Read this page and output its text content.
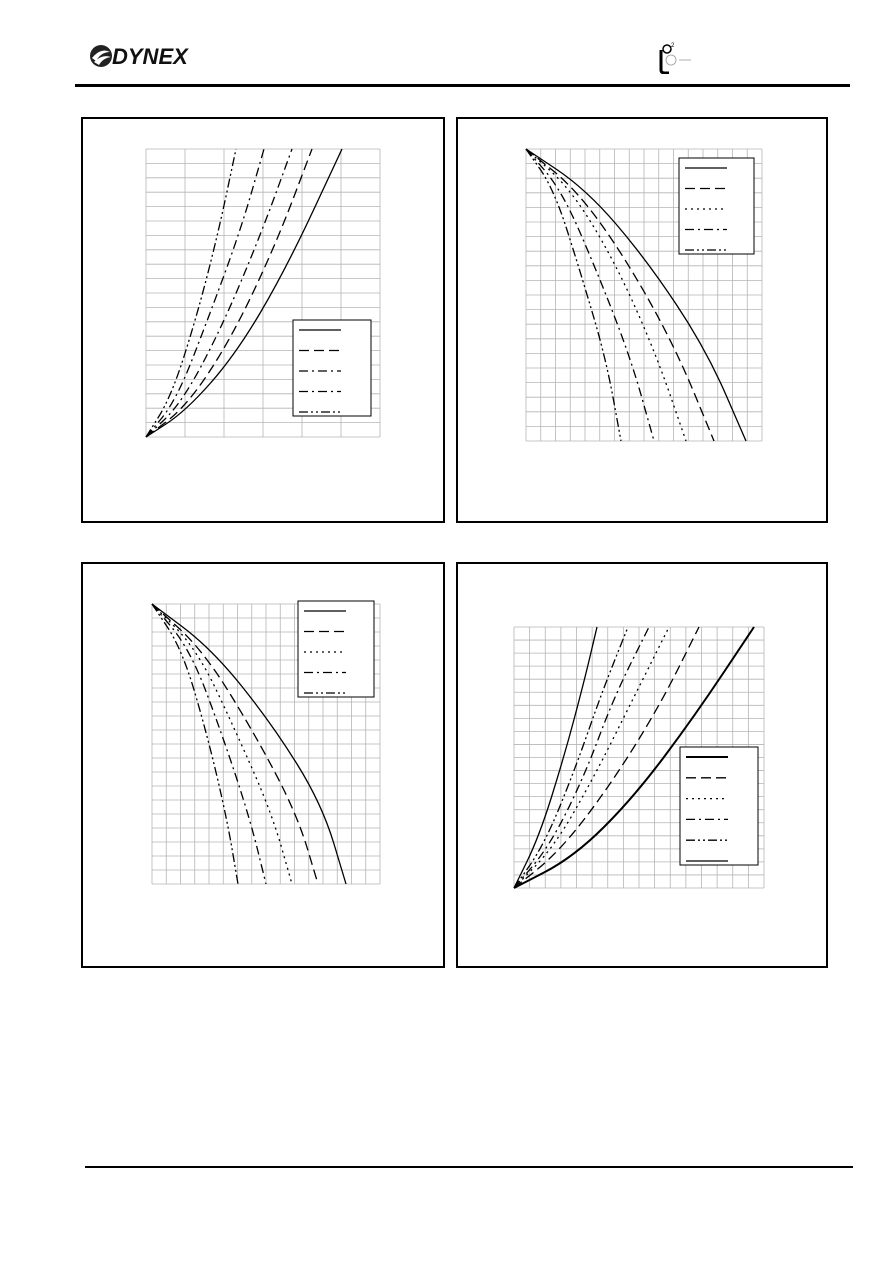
DYNEX	2
